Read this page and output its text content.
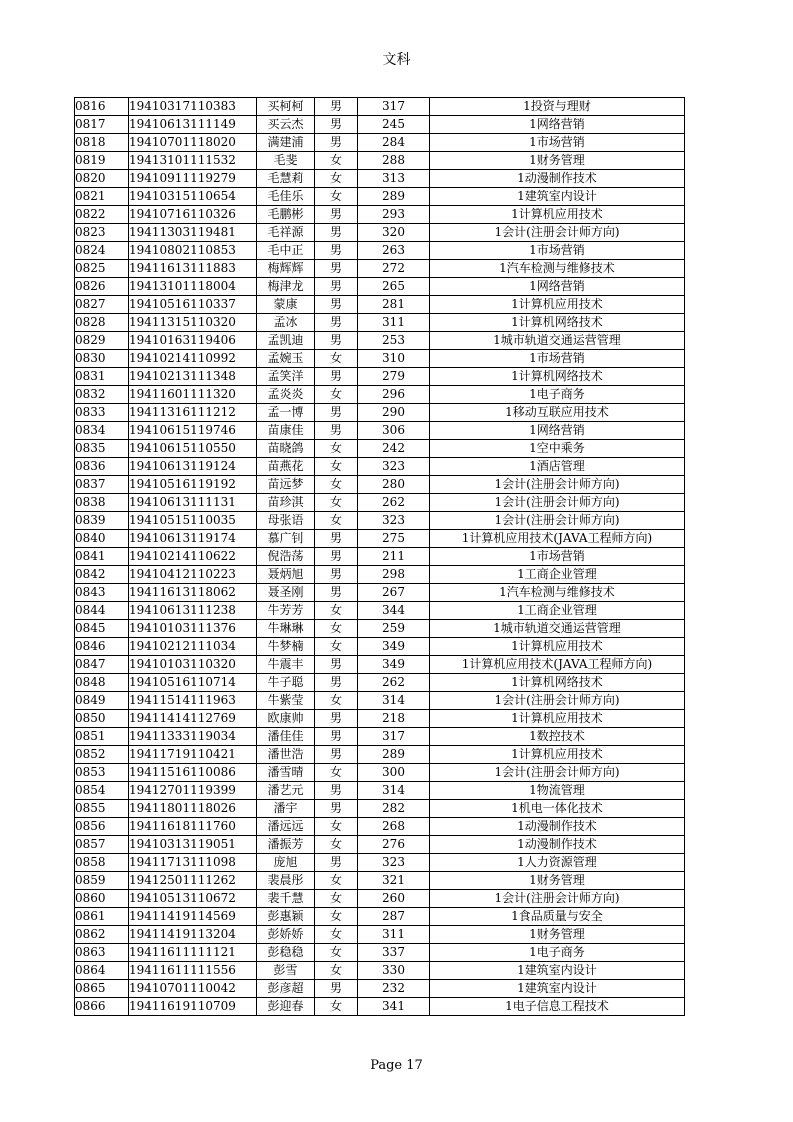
文科
0816	19410317110383	买柯柯	男	317	1投资与理财
0817	19410613111149	买云杰	男	245	1网络营销
0818	19410701118020	满建浦	男	284	1市场营销
0819	19413101111532	毛斐	女	288	1财务管理
0820	19410911119279	毛慧莉	女	313	1动漫制作技术
0821	19410315110654	毛佳乐	女	289	1建筑室内设计
0822	19410716110326	毛鹏彬	男	293	1计算机应用技术
0823	19411303119481	毛祥源	男	320	1会计(注册会计师方向)
0824	19410802110853	毛中正	男	263	1市场营销
0825	19411613111883	梅辉辉	男	272	1汽车检测与维修技术
0826	19413101118004	梅津龙	男	265	1网络营销
0827	19410516110337	蒙康	男	281	1计算机应用技术
0828	19411315110320	孟冰	男	311	1计算机网络技术
0829	19410163119406	孟凯迪	男	253	1城市轨道交通运营管理
0830	19410214110992	孟婉玉	女	310	1市场营销
0831	19410213111348	孟笑洋	男	279	1计算机网络技术
0832	19411601111320	孟炎炎	女	296	1电子商务
0833	19411316111212	孟一博	男	290	1移动互联应用技术
0834	19410615119746	苗康佳	男	306	1网络营销
0835	19410615110550	苗晓鸽	女	242	1空中乘务
0836	19410613119124	苗燕花	女	323	1酒店管理
0837	19410516119192	苗远梦	女	280	1会计(注册会计师方向)
0838	19410613111131	苗珍淇	女	262	1会计(注册会计师方向)
0839	19410515110035	母张语	女	323	1会计(注册会计师方向)
0840	19410613119174	慕广钊	男	275	1计算机应用技术(JAVA工程师方向)
0841	19410214110622	倪浩荡	男	211	1市场营销
0842	19410412110223	聂炳旭	男	298	1工商企业管理
0843	19411613118062	聂圣刚	男	267	1汽车检测与维修技术
0844	19410613111238	牛芳芳	女	344	1工商企业管理
0845	19410103111376	牛琳琳	女	259	1城市轨道交通运营管理
0846	19410212111034	牛梦楠	女	349	1计算机应用技术
0847	19410103110320	牛震丰	男	349	1计算机应用技术(JAVA工程师方向)
0848	19410516110714	牛子聪	男	262	1计算机网络技术
0849	19411514111963	牛紫莹	女	314	1会计(注册会计师方向)
0850	19411414112769	欧康帅	男	218	1计算机应用技术
0851	19411333119034	潘佳佳	男	317	1数控技术
0852	19411719110421	潘世浩	男	289	1计算机应用技术
0853	19411516110086	潘雪晴	女	300	1会计(注册会计师方向)
0854	19412701119399	潘艺元	男	314	1物流管理
0855	19411801118026	潘宇	男	282	1机电一体化技术
0856	19411618111760	潘远远	女	268	1动漫制作技术
0857	19410313119051	潘振芳	女	276	1动漫制作技术
0858	19411713111098	庞旭	男	323	1人力资源管理
0859	19412501111262	裴晨彤	女	321	1财务管理
0860	19410513110672	裴千慧	女	260	1会计(注册会计师方向)
0861	19411419114569	彭惠颖	女	287	1食品质量与安全
0862	19411419113204	彭娇娇	女	311	1财务管理
0863	19411611111121	彭稳稳	女	337	1电子商务
0864	19411611111556	彭雪	女	330	1建筑室内设计
0865	19410701110042	彭彦超	男	232	1建筑室内设计
0866	19411619110709	彭迎春	女	341	1电子信息工程技术
Page 17
